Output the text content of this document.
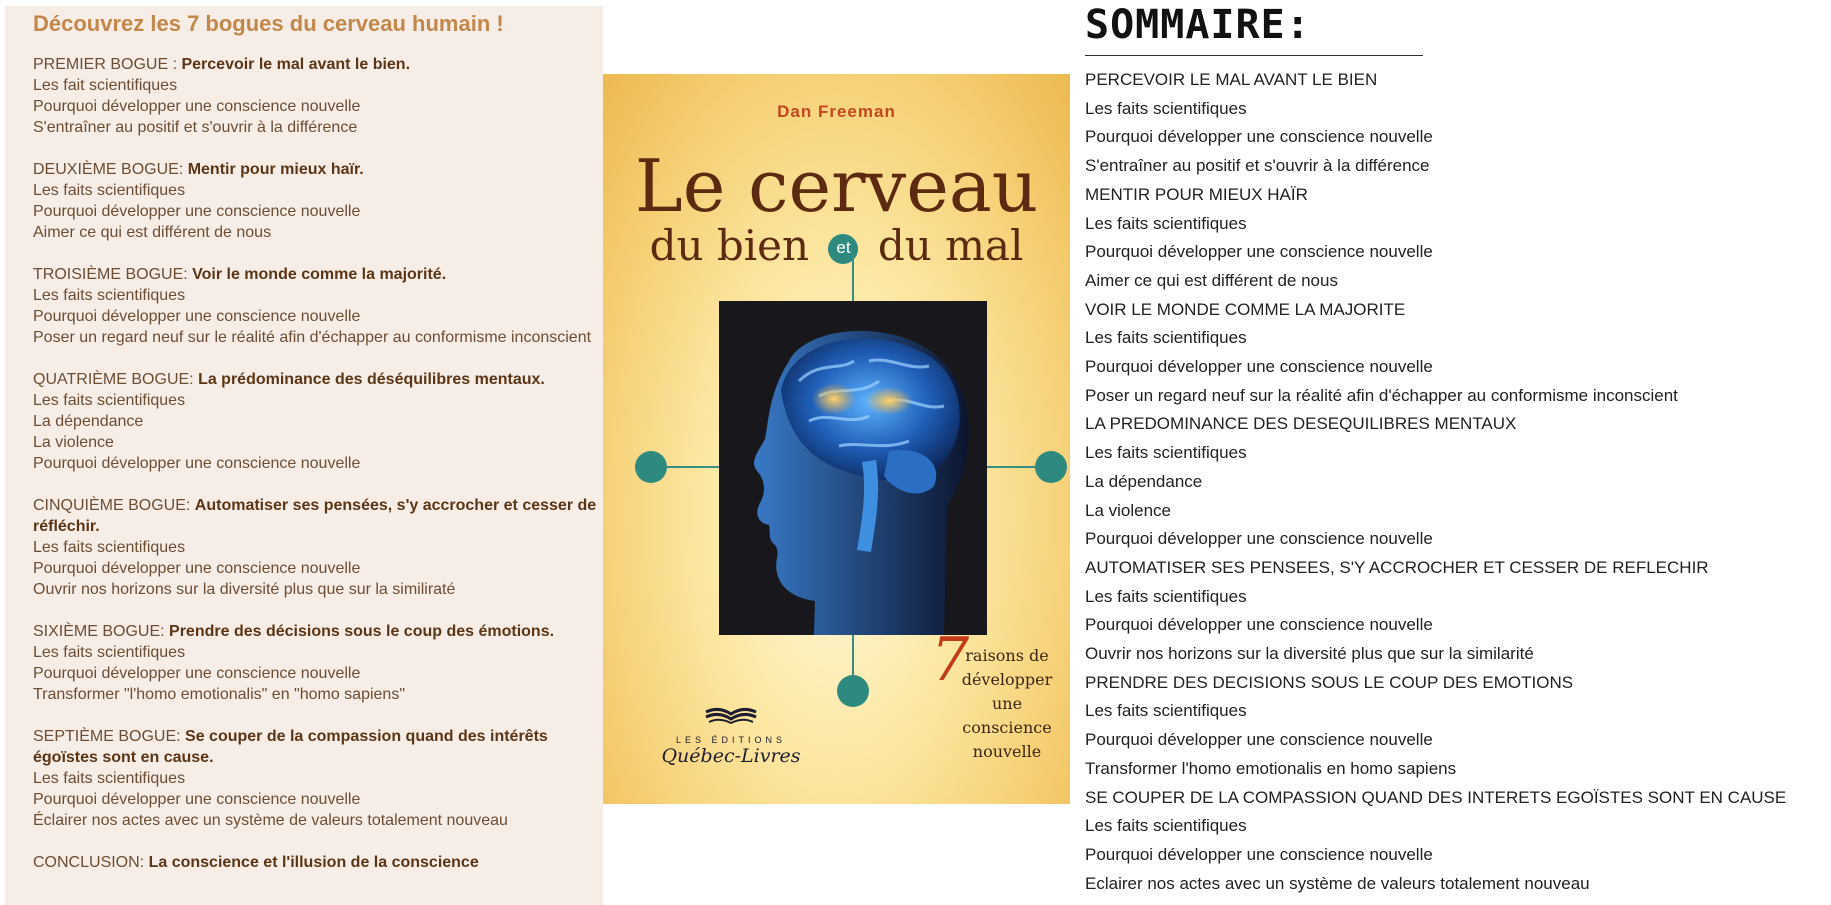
Découvrez les 7 bogues du cerveau humain !

PREMIER BOGUE : Percevoir le mal avant le bien.

Les fait scientifiques

Pourquoi développer une conscience nouvelle

S'entraîner au positif et s'ouvrir à la différence

DEUXIÈME BOGUE: Mentir pour mieux haïr.

Les faits scientifiques

Pourquoi développer une conscience nouvelle

Aimer ce qui est différent de nous

TROISIÈME BOGUE: Voir le monde comme la majorité.

Les faits scientifiques

Pourquoi développer une conscience nouvelle

Poser un regard neuf sur le réalité afin d'échapper au conformisme inconscient

QUATRIÈME BOGUE: La prédominance des déséquilibres mentaux.

Les faits scientifiques

La dépendance

La violence

Pourquoi développer une conscience nouvelle

CINQUIÈME BOGUE: Automatiser ses pensées, s'y accrocher et cesser de réfléchir.

Les faits scientifiques

Pourquoi développer une conscience nouvelle

Ouvrir nos horizons sur la diversité plus que sur la similiraté

SIXIÈME BOGUE: Prendre des décisions sous le coup des émotions.

Les faits scientifiques

Pourquoi développer une conscience nouvelle

Transformer "l'homo emotionalis" en "homo sapiens"

SEPTIÈME BOGUE: Se couper de la compassion quand des intérêts égoïstes sont en cause.

Les faits scientifiques

Pourquoi développer une conscience nouvelle

Éclairer nos actes avec un système de valeurs totalement nouveau

CONCLUSION: La conscience et l'illusion de la conscience

Dan Freeman
Le cerveau
du bien et du mal
7
raisons de
développer
une conscience
nouvelle
LES ÉDITIONS
Québec-Livres
SOMMAIRE:
PERCEVOIR LE MAL AVANT LE BIEN
Les faits scientifiques
Pourquoi développer une conscience nouvelle
S'entraîner au positif et s'ouvrir à la différence
MENTIR POUR MIEUX HAÏR
Les faits scientifiques
Pourquoi développer une conscience nouvelle
Aimer ce qui est différent de nous
VOIR LE MONDE COMME LA MAJORITE
Les faits scientifiques
Pourquoi développer une conscience nouvelle
Poser un regard neuf sur la réalité afin d'échapper au conformisme inconscient
LA PREDOMINANCE DES DESEQUILIBRES MENTAUX
Les faits scientifiques
La dépendance
La violence
Pourquoi développer une conscience nouvelle
AUTOMATISER SES PENSEES, S'Y ACCROCHER ET CESSER DE REFLECHIR
Les faits scientifiques
Pourquoi développer une conscience nouvelle
Ouvrir nos horizons sur la diversité plus que sur la similarité
PRENDRE DES DECISIONS SOUS LE COUP DES EMOTIONS
Les faits scientifiques
Pourquoi développer une conscience nouvelle
Transformer l'homo emotionalis en homo sapiens
SE COUPER DE LA COMPASSION QUAND DES INTERETS EGOÏSTES SONT EN CAUSE
Les faits scientifiques
Pourquoi développer une conscience nouvelle
Eclairer nos actes avec un système de valeurs totalement nouveau
